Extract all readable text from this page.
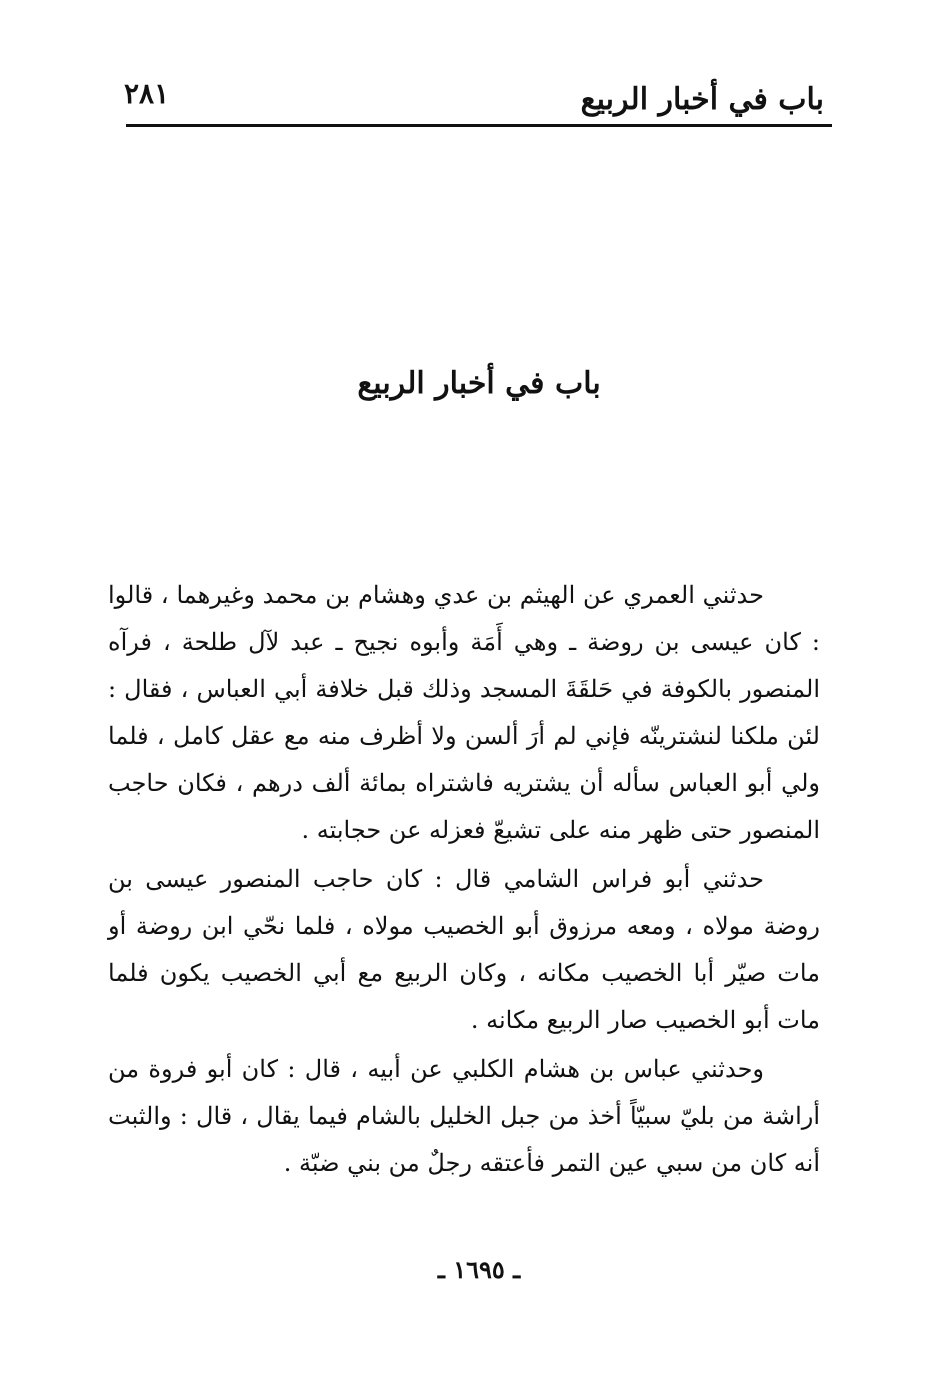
٢٨١	باب في أخبار الربيع
باب في أخبار الربيع

حدثني العمري عن الهيثم بن عدي وهشام بن محمد وغيرهما ، قالوا : كان عيسى بن روضة ـ وهي أَمَة وأبوه نجيح ـ عبد لآل طلحة ، فرآه المنصور بالكوفة في حَلقَةَ المسجد وذلك قبل خلافة أبي العباس ، فقال : لئن ملكنا لنشترينّه فإني لم أرَ ألسن ولا أظرف منه مع عقل كامل ، فلما ولي أبو العباس سأله أن يشتريه فاشتراه بمائة ألف درهم ، فكان حاجب المنصور حتى ظهر منه على تشيعّ فعزله عن حجابته .

حدثني أبو فراس الشامي قال : كان حاجب المنصور عيسى بن روضة مولاه ، ومعه مرزوق أبو الخصيب مولاه ، فلما نحّي ابن روضة أو مات صيّر أبا الخصيب مكانه ، وكان الربيع مع أبي الخصيب يكون فلما مات أبو الخصيب صار الربيع مكانه .

وحدثني عباس بن هشام الكلبي عن أبيه ، قال : كان أبو فروة من أراشة من بليّ سبيّاً أخذ من جبل الخليل بالشام فيما يقال ، قال : والثبت أنه كان من سبي عين التمر فأعتقه رجلٌ من بني ضبّة .

ـ ١٦٩٥ ـ
